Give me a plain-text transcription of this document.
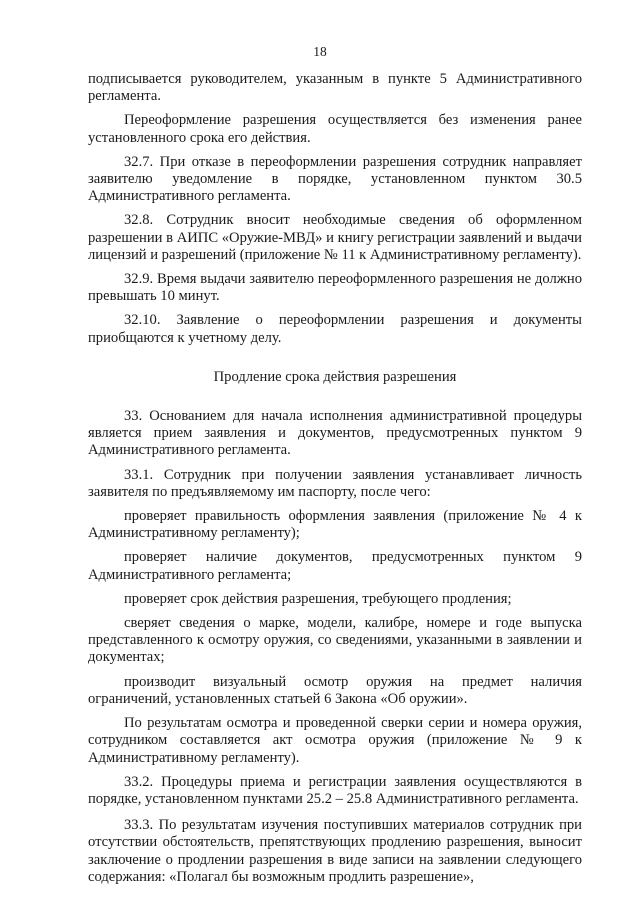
18

подписывается руководителем, указанным в пункте 5 Административного регламента.

Переоформление разрешения осуществляется без изменения ранее установленного срока его действия.

32.7. При отказе в переоформлении разрешения сотрудник направляет заявителю уведомление в порядке, установленном пунктом 30.5 Административного регламента.

32.8. Сотрудник вносит необходимые сведения об оформленном разрешении в АИПС «Оружие-МВД» и книгу регистрации заявлений и выдачи лицензий и разрешений (приложение № 11 к Административному регламенту).

32.9. Время выдачи заявителю переоформленного разрешения не должно превышать 10 минут.

32.10. Заявление о переоформлении разрешения и документы приобщаются к учетному делу.

Продление срока действия разрешения

33. Основанием для начала исполнения административной процедуры является прием заявления и документов, предусмотренных пунктом 9 Административного регламента.

33.1. Сотрудник при получении заявления устанавливает личность заявителя по предъявляемому им паспорту, после чего:

проверяет правильность оформления заявления (приложение № 4 к Административному регламенту);

проверяет наличие документов, предусмотренных пунктом 9 Административного регламента;

проверяет срок действия разрешения, требующего продления;

сверяет сведения о марке, модели, калибре, номере и годе выпуска представленного к осмотру оружия, со сведениями, указанными в заявлении и документах;

производит визуальный осмотр оружия на предмет наличия ограничений, установленных статьей 6 Закона «Об оружии».

По результатам осмотра и проведенной сверки серии и номера оружия, сотрудником составляется акт осмотра оружия (приложение № 9 к Административному регламенту).

33.2. Процедуры приема и регистрации заявления осуществляются в порядке, установленном пунктами 25.2 – 25.8 Административного регламента.

33.3. По результатам изучения поступивших материалов сотрудник при отсутствии обстоятельств, препятствующих продлению разрешения, выносит заключение о продлении разрешения в виде записи на заявлении следующего содержания: «Полагал бы возможным продлить разрешение»,
